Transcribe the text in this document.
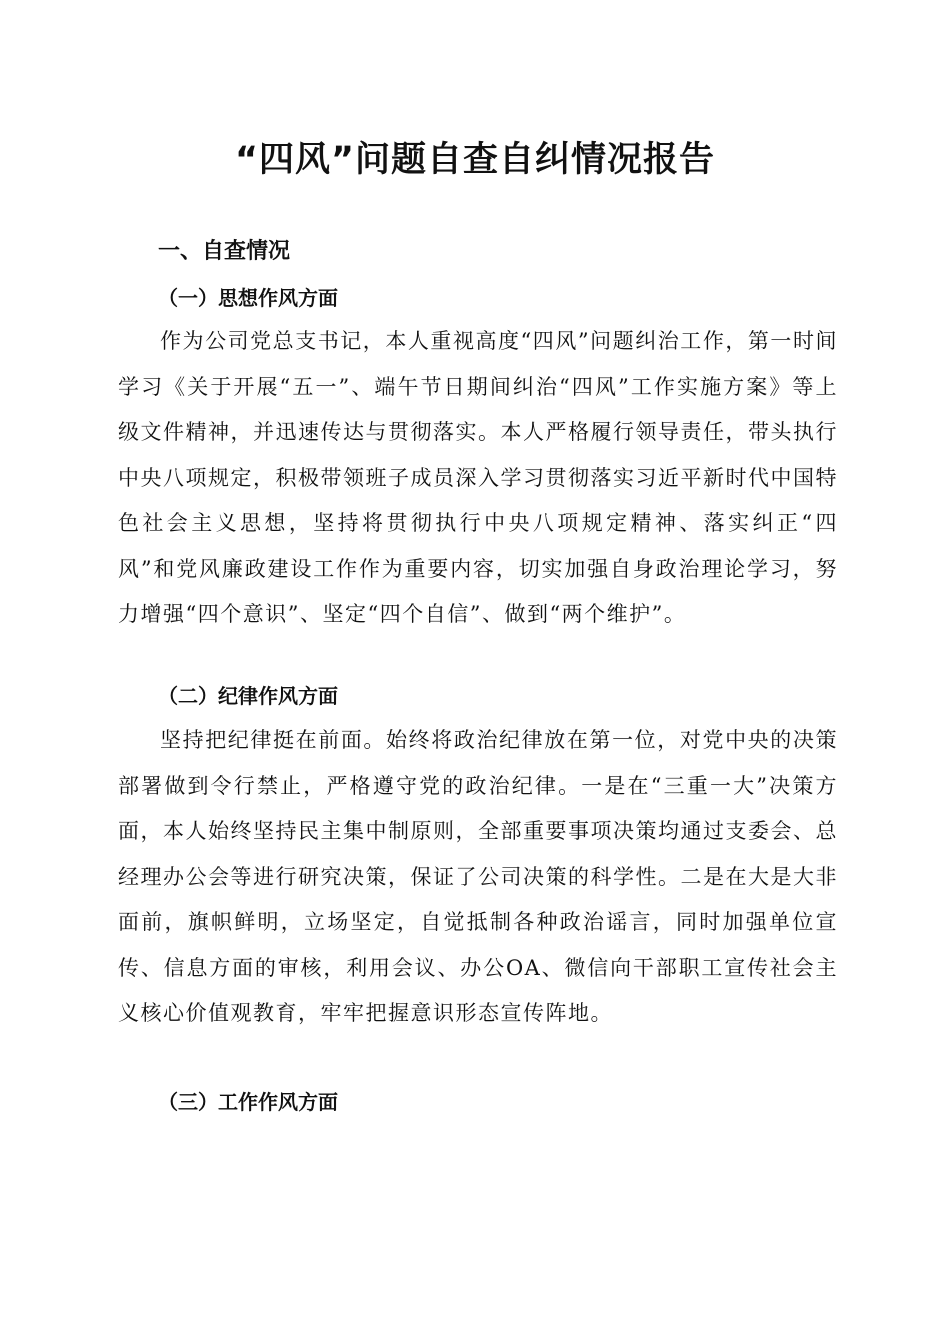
“四风”问题自查自纠情况报告
一、自查情况
（一）思想作风方面

作为公司党总支书记，本人重视高度“四风”问题纠治工作，第一时间学习《关于开展“五一”、端午节日期间纠治“四风”工作实施方案》等上级文件精神，并迅速传达与贯彻落实。本人严格履行领导责任，带头执行中央八项规定，积极带领班子成员深入学习贯彻落实习近平新时代中国特色社会主义思想，坚持将贯彻执行中央八项规定精神、落实纠正“四风”和党风廉政建设工作作为重要内容，切实加强自身政治理论学习，努力增强“四个意识”、坚定“四个自信”、做到“两个维护”。

（二）纪律作风方面

坚持把纪律挺在前面。始终将政治纪律放在第一位，对党中央的决策部署做到令行禁止，严格遵守党的政治纪律。一是在“三重一大”决策方面，本人始终坚持民主集中制原则，全部重要事项决策均通过支委会、总经理办公会等进行研究决策，保证了公司决策的科学性。二是在大是大非面前，旗帜鲜明，立场坚定，自觉抵制各种政治谣言，同时加强单位宣传、信息方面的审核，利用会议、办公OA、微信向干部职工宣传社会主义核心价值观教育，牢牢把握意识形态宣传阵地。

（三）工作作风方面
